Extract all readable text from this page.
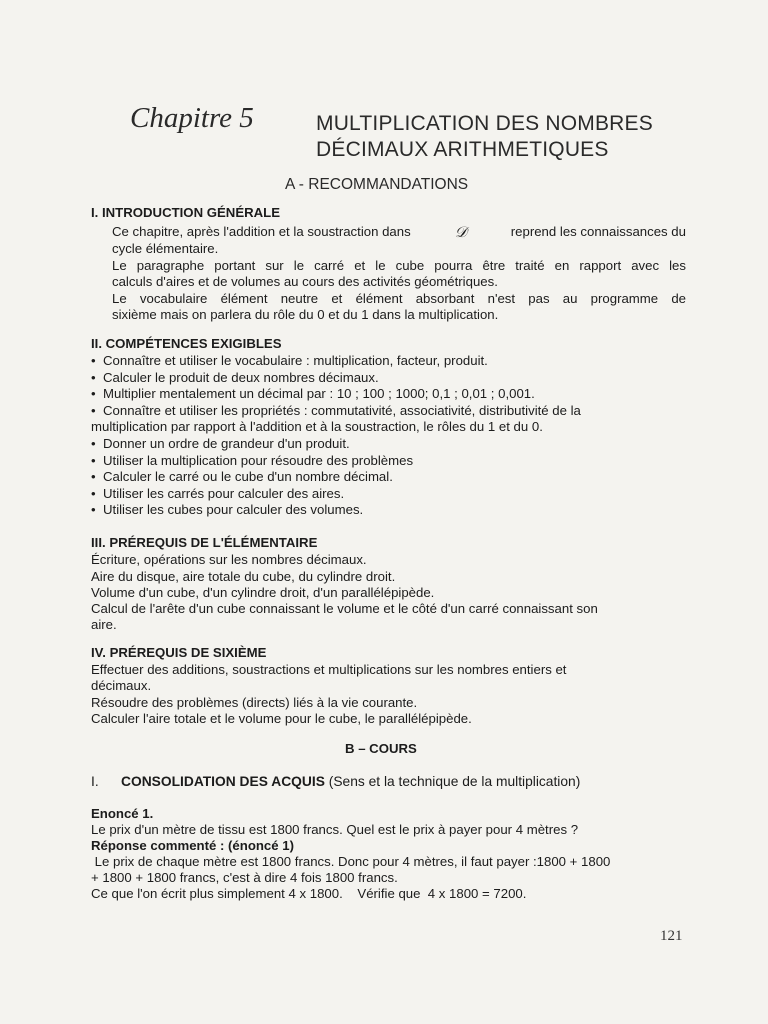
Chapitre 5	MULTIPLICATION DES NOMBRES
DÉCIMAUX ARITHMETIQUES
A - RECOMMANDATIONS
I. INTRODUCTION GÉNÉRALE
Ce chapitre, après l'addition et la soustraction dans	𝒟	reprend les connaissances du
cycle élémentaire.
Le paragraphe portant sur le carré et le cube pourra être traité en rapport avec les
calculs d'aires et de volumes au cours des activités géométriques.
Le vocabulaire élément neutre et élément absorbant n'est pas au programme de
sixième mais on parlera du rôle du 0 et du 1 dans la multiplication.
II. COMPÉTENCES EXIGIBLES
• Connaître et utiliser le vocabulaire : multiplication, facteur, produit.
• Calculer le produit de deux nombres décimaux.
• Multiplier mentalement un décimal par : 10 ; 100 ; 1000; 0,1 ; 0,01 ; 0,001.
• Connaître et utiliser les propriétés : commutativité, associativité, distributivité de la
multiplication par rapport à l'addition et à la soustraction, le rôles du 1 et du 0.
• Donner un ordre de grandeur d'un produit.
• Utiliser la multiplication pour résoudre des problèmes
• Calculer le carré ou le cube d'un nombre décimal.
• Utiliser les carrés pour calculer des aires.
• Utiliser les cubes pour calculer des volumes.
III. PRÉREQUIS DE L'ÉLÉMENTAIRE
Écriture, opérations sur les nombres décimaux.
Aire du disque, aire totale du cube, du cylindre droit.
Volume d'un cube, d'un cylindre droit, d'un parallélépipède.
Calcul de l'arête d'un cube connaissant le volume et le côté d'un carré connaissant son
aire.
IV. PRÉREQUIS DE SIXIÈME
Effectuer des additions, soustractions et multiplications sur les nombres entiers et
décimaux.
Résoudre des problèmes (directs) liés à la vie courante.
Calculer l'aire totale et le volume pour le cube, le parallélépipède.
B – COURS
I. CONSOLIDATION DES ACQUIS (Sens et la technique de la multiplication)
Enoncé 1.
Le prix d'un mètre de tissu est 1800 francs. Quel est le prix à payer pour 4 mètres ?
Réponse commenté : (énoncé 1)
Le prix de chaque mètre est 1800 francs. Donc pour 4 mètres, il faut payer :1800 + 1800
+ 1800 + 1800 francs, c'est à dire 4 fois 1800 francs.
Ce que l'on écrit plus simplement 4 x 1800.    Vérifie que  4 x 1800 = 7200.
121
